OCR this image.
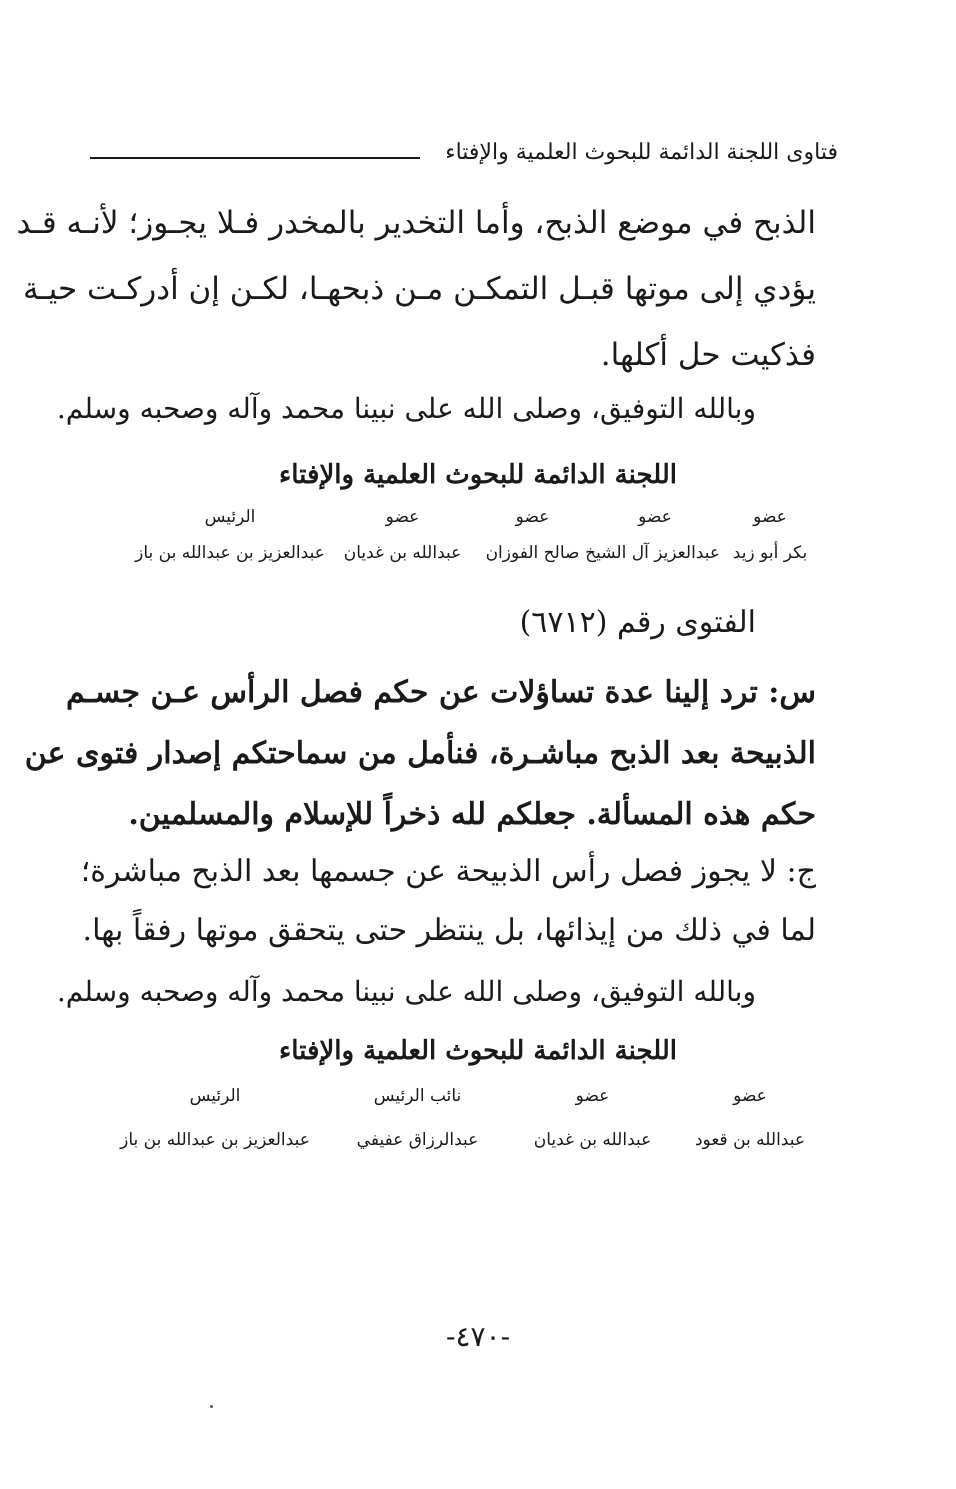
فتاوى اللجنة الدائمة للبحوث العلمية والإفتاء
الذبح في موضع الذبح، وأما التخدير بالمخدر فـلا يجـوز؛ لأنـه قـد
يؤدي إلى موتها قبـل التمكـن مـن ذبحهـا، لكـن إن أدركـت حيـة
فذكيت حل أكلها.
وبالله التوفيق، وصلى الله على نبينا محمد وآله وصحبه وسلم.
اللجنة الدائمة للبحوث العلمية والإفتاء
عضو
عضو
عضو
عضو
الرئيس
بكر أبو زيد
عبدالعزيز آل الشيخ
صالح الفوزان
عبدالله بن غديان
عبدالعزيز بن عبدالله بن باز
الفتوى رقم (٦٧١٢)
س: ترد إلينا عدة تساؤلات عن حكم فصل الرأس عـن جسـم
الذبيحة بعد الذبح مباشـرة، فنأمل من سماحتكم إصدار فتوى عن
حكم هذه المسألة. جعلكم لله ذخراً للإسلام والمسلمين.
ج: لا يجوز فصل رأس الذبيحة عن جسمها بعد الذبح مباشرة؛
لما في ذلك من إيذائها، بل ينتظر حتى يتحقق موتها رفقاً بها.
وبالله التوفيق، وصلى الله على نبينا محمد وآله وصحبه وسلم.
اللجنة الدائمة للبحوث العلمية والإفتاء
عضو
عضو
نائب الرئيس
الرئيس
عبدالله بن قعود
عبدالله بن غديان
عبدالرزاق عفيفي
عبدالعزيز بن عبدالله بن باز
-٤٧٠-
